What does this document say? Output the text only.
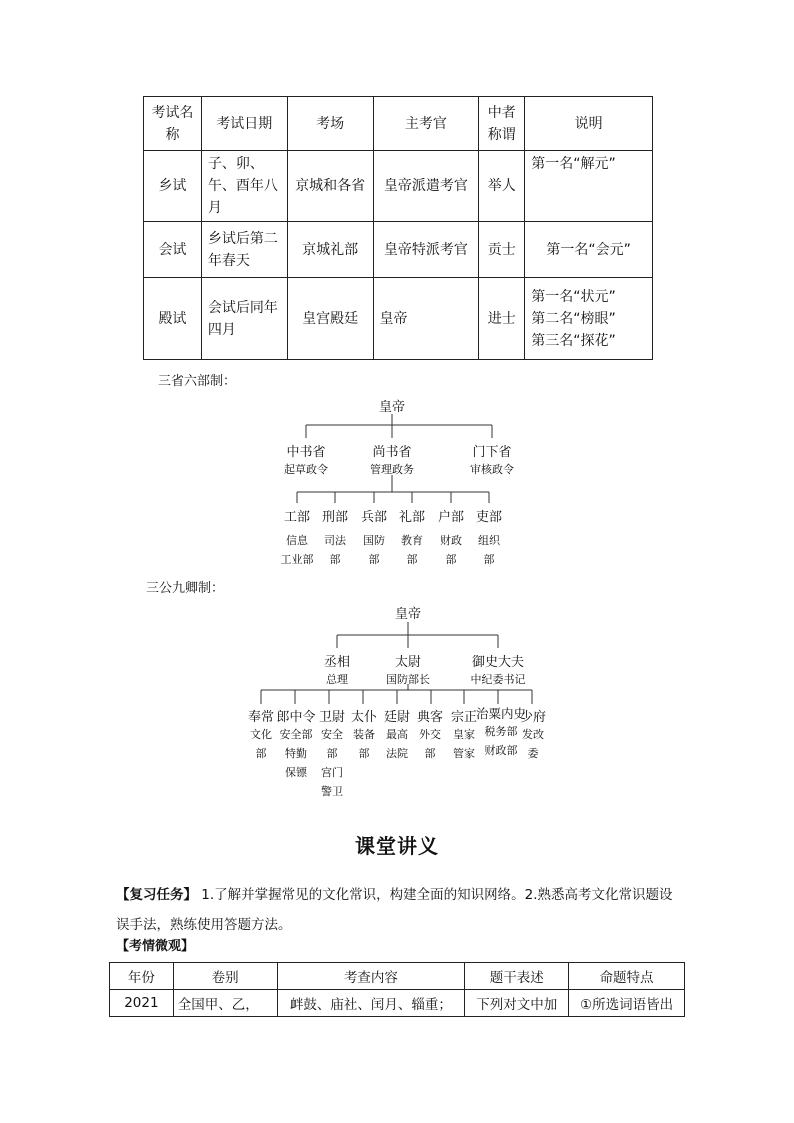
考试名称	考试日期	考场	主考官	中者称谓	说明
乡试	子、卯、午、酉年八月	京城和各省	皇帝派遣考官	举人	第一名“解元”

会试	乡试后第二年春天	京城礼部	皇帝特派考官	贡士	第一名“会元”

殿试	会试后同年四月	皇宫殿廷	皇帝	进士	第一名“状元”
第二名“榜眼”
第三名“探花”
三省六部制：
皇帝
中书省
起草政令
尚书省
管理政务
门下省
审核政令
工部
信息
工业部
刑部
司法
部
兵部
国防
部
礼部
教育
部
户部
财政
部
吏部
组织
部
三公九卿制：
皇帝
丞相
总理
太尉
国防部长
御史大夫
中纪委书记
奉常
文化
部
郎中令
安全部
特勤
保镖
卫尉
安全
部
宫门
警卫
太仆
装备
部
廷尉
最高
法院
典客
外交
部
宗正
皇家
管家
治粟内史
税务部
财政部
少府
发改
委
课堂讲义
【复习任务】 1.了解并掌握常见的文化常识，构建全面的知识网络。2.熟悉高考文化常识题设误手法，熟练使用答题方法。
【考情微观】
年份	卷别	考查内容	题干表述	命题特点
2021	全国甲、乙，	衅鼓、庙社、闰月、辎重；	下列对文中加	①所选词语皆出
